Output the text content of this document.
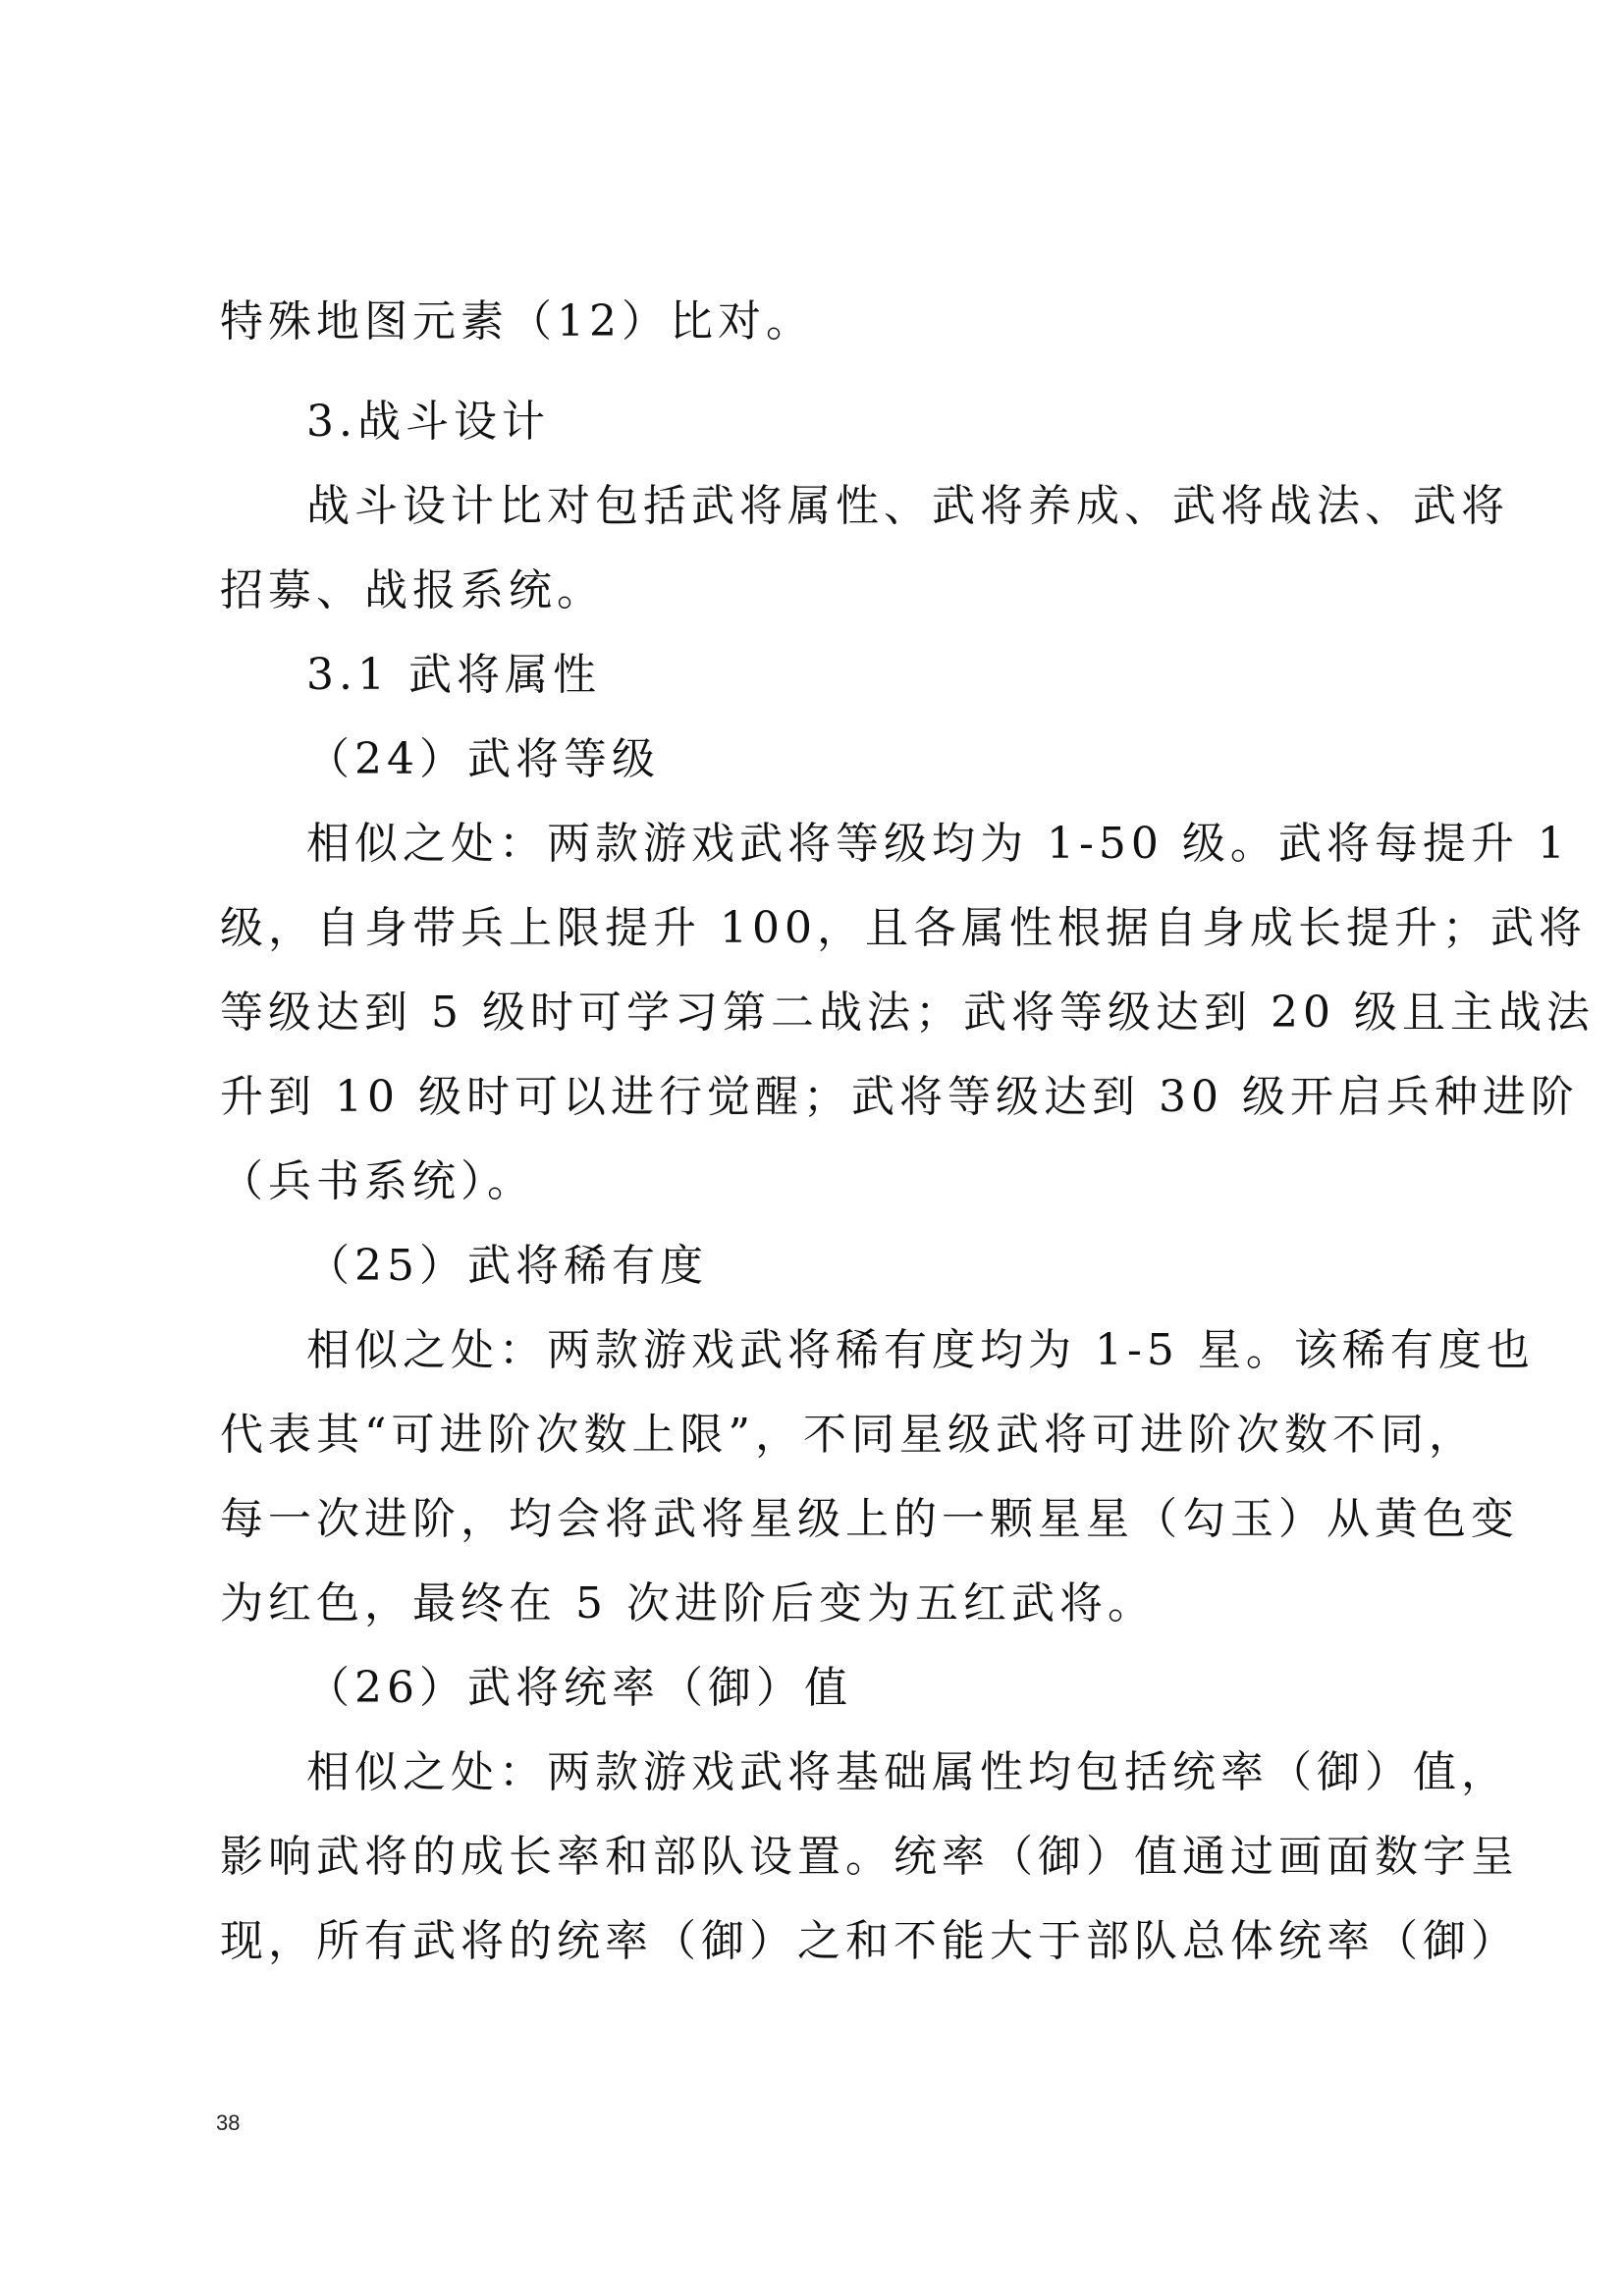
特殊地图元素（12）比对。
3.战斗设计
战斗设计比对包括武将属性、武将养成、武将战法、武将
招募、战报系统。
3.1 武将属性
（24）武将等级
相似之处：两款游戏武将等级均为 1-50 级。武将每提升 1
级，自身带兵上限提升 100，且各属性根据自身成长提升；武将
等级达到 5 级时可学习第二战法；武将等级达到 20 级且主战法
升到 10 级时可以进行觉醒；武将等级达到 30 级开启兵种进阶
（兵书系统）。
（25）武将稀有度
相似之处：两款游戏武将稀有度均为 1-5 星。该稀有度也
代表其“可进阶次数上限”，不同星级武将可进阶次数不同，
每一次进阶，均会将武将星级上的一颗星星（勾玉）从黄色变
为红色，最终在 5 次进阶后变为五红武将。
（26）武将统率（御）值
相似之处：两款游戏武将基础属性均包括统率（御）值，
影响武将的成长率和部队设置。统率（御）值通过画面数字呈
现，所有武将的统率（御）之和不能大于部队总体统率（御）
38
